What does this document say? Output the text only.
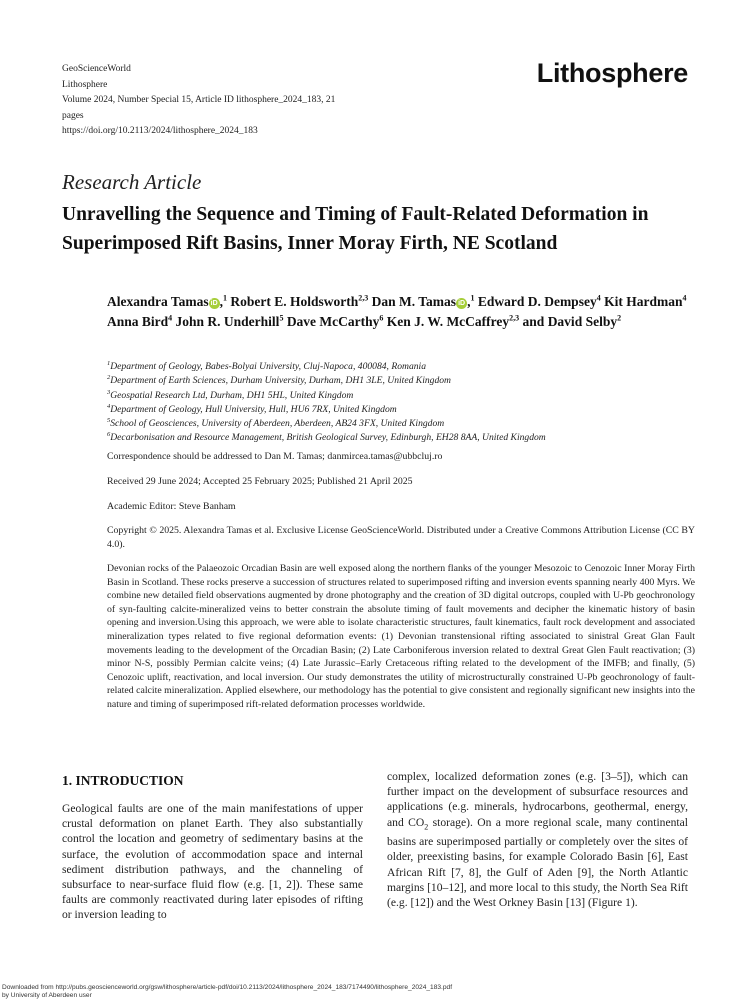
GeoScienceWorld
Lithosphere
Volume 2024, Number Special 15, Article ID lithosphere_2024_183, 21
pages
https://doi.org/10.2113/2024/lithosphere_2024_183
Lithosphere
Research Article
Unravelling the Sequence and Timing of Fault-Related Deformation in Superimposed Rift Basins, Inner Moray Firth, NE Scotland
Alexandra Tamas iD ,$^1$ Robert E. Holdsworth$^{2,3}$ Dan M. Tamas iD ,$^1$ Edward D. Dempsey$^4$ Kit Hardman$^4$ Anna Bird$^4$ John R. Underhill$^5$ Dave McCarthy$^6$ Ken J. W. McCaffrey$^{2,3}$ and David Selby$^2$
$^1$Department of Geology, Babes-Bolyai University, Cluj-Napoca, 400084, Romania
$^2$Department of Earth Sciences, Durham University, Durham, DH1 3LE, United Kingdom
$^3$Geospatial Research Ltd, Durham, DH1 5HL, United Kingdom
$^4$Department of Geology, Hull University, Hull, HU6 7RX, United Kingdom
$^5$School of Geosciences, University of Aberdeen, Aberdeen, AB24 3FX, United Kingdom
$^6$Decarbonisation and Resource Management, British Geological Survey, Edinburgh, EH28 8AA, United Kingdom
Correspondence should be addressed to Dan M. Tamas; danmircea.tamas@ubbcluj.ro
Received 29 June 2024; Accepted 25 February 2025; Published 21 April 2025
Academic Editor: Steve Banham
Copyright © 2025. Alexandra Tamas et al. Exclusive License GeoScienceWorld. Distributed under a Creative Commons Attribution License (CC BY 4.0).
Devonian rocks of the Palaeozoic Orcadian Basin are well exposed along the northern flanks of the younger Mesozoic to Cenozoic Inner Moray Firth Basin in Scotland. These rocks preserve a succession of structures related to superimposed rifting and inversion events spanning nearly 400 Myrs. We combine new detailed field observations augmented by drone photography and the creation of 3D digital outcrops, coupled with U-Pb geochronology of syn-faulting calcite-mineralized veins to better constrain the absolute timing of fault movements and decipher the kinematic history of basin opening and inversion.Using this approach, we were able to isolate characteristic structures, fault kinematics, fault rock development and associated mineralization types related to five regional deformation events: (1) Devonian transtensional rifting associated to sinistral Great Glan Fault movements leading to the development of the Orcadian Basin; (2) Late Carboniferous inversion related to dextral Great Glen Fault reactivation; (3) minor N-S, possibly Permian calcite veins; (4) Late Jurassic–Early Cretaceous rifting related to the development of the IMFB; and finally, (5) Cenozoic uplift, reactivation, and local inversion. Our study demonstrates the utility of microstructurally constrained U-Pb geochronology of fault-related calcite mineralization. Applied elsewhere, our methodology has the potential to give consistent and regionally significant new insights into the nature and timing of superimposed rift-related deformation processes worldwide.
1. INTRODUCTION
Geological faults are one of the main manifestations of upper crustal deformation on planet Earth. They also substantially control the location and geometry of sedimentary basins at the surface, the evolution of accommodation space and internal sediment distribution pathways, and the channeling of subsurface to near-surface fluid flow (e.g. [1, 2]). These same faults are commonly reactivated during later episodes of rifting or inversion leading to
complex, localized deformation zones (e.g. [3–5]), which can further impact on the development of subsurface resources and applications (e.g. minerals, hydrocarbons, geothermal, energy, and $CO_2$ storage). On a more regional scale, many continental basins are superimposed partially or completely over the sites of older, preexisting basins, for example Colorado Basin [6], East African Rift [7, 8], the Gulf of Aden [9], the North Atlantic margins [10–12], and more local to this study, the North Sea Rift (e.g. [12]) and the West Orkney Basin [13] (Figure 1).
Downloaded from http://pubs.geoscienceworld.org/gsw/lithosphere/article-pdf/doi/10.2113/2024/lithosphere_2024_183/7174490/lithosphere_2024_183.pdf
by University of Aberdeen user
